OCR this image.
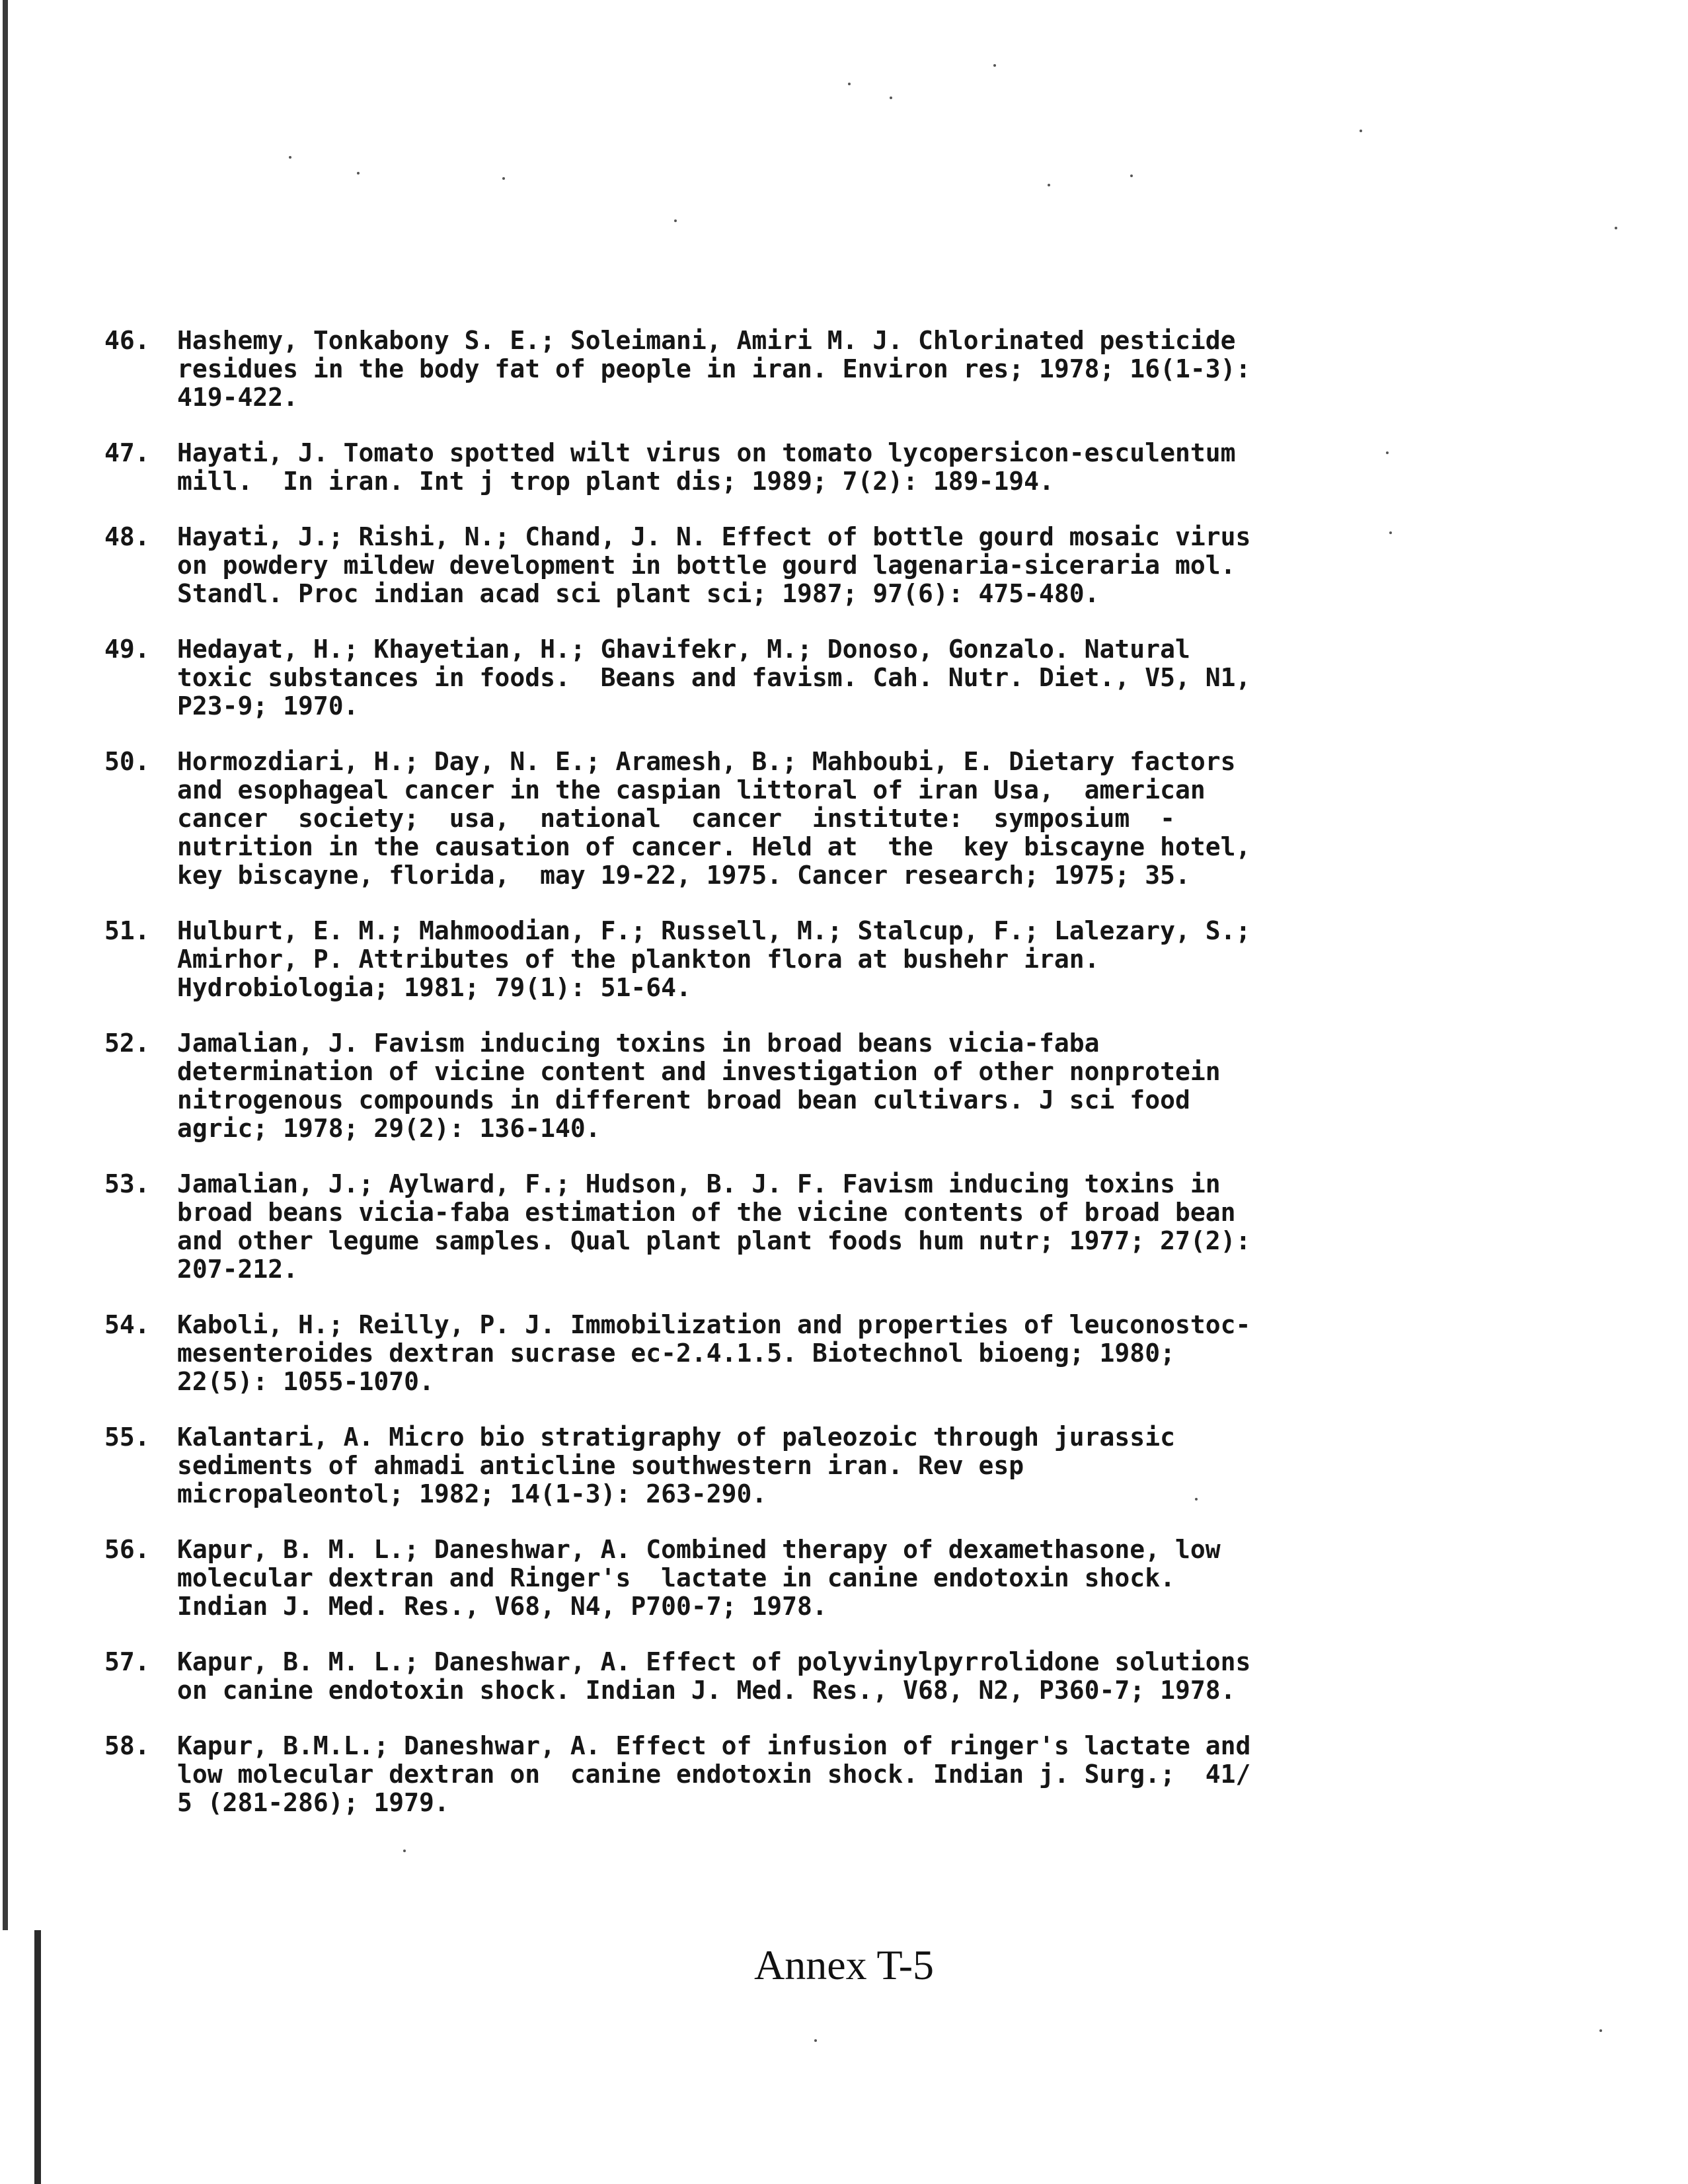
46. Hashemy, Tonkabony S. E.; Soleimani, Amiri M. J. Chlorinated pesticide
residues in the body fat of people in iran. Environ res; 1978; 16(1-3):
419-422.
47. Hayati, J. Tomato spotted wilt virus on tomato lycopersicon-esculentum
mill.  In iran. Int j trop plant dis; 1989; 7(2): 189-194.
48. Hayati, J.; Rishi, N.; Chand, J. N. Effect of bottle gourd mosaic virus
on powdery mildew development in bottle gourd lagenaria-siceraria mol.
Standl. Proc indian acad sci plant sci; 1987; 97(6): 475-480.
49. Hedayat, H.; Khayetian, H.; Ghavifekr, M.; Donoso, Gonzalo. Natural
toxic substances in foods.  Beans and favism. Cah. Nutr. Diet., V5, N1,
P23-9; 1970.
50. Hormozdiari, H.; Day, N. E.; Aramesh, B.; Mahboubi, E. Dietary factors
and esophageal cancer in the caspian littoral of iran Usa,  american
cancer  society;  usa,  national  cancer  institute:  symposium  -
nutrition in the causation of cancer. Held at  the  key biscayne hotel,
key biscayne, florida,  may 19-22, 1975. Cancer research; 1975; 35.
51. Hulburt, E. M.; Mahmoodian, F.; Russell, M.; Stalcup, F.; Lalezary, S.;
Amirhor, P. Attributes of the plankton flora at bushehr iran.
Hydrobiologia; 1981; 79(1): 51-64.
52. Jamalian, J. Favism inducing toxins in broad beans vicia-faba
determination of vicine content and investigation of other nonprotein
nitrogenous compounds in different broad bean cultivars. J sci food
agric; 1978; 29(2): 136-140.
53. Jamalian, J.; Aylward, F.; Hudson, B. J. F. Favism inducing toxins in
broad beans vicia-faba estimation of the vicine contents of broad bean
and other legume samples. Qual plant plant foods hum nutr; 1977; 27(2):
207-212.
54. Kaboli, H.; Reilly, P. J. Immobilization and properties of leuconostoc-
mesenteroides dextran sucrase ec-2.4.1.5. Biotechnol bioeng; 1980;
22(5): 1055-1070.
55. Kalantari, A. Micro bio stratigraphy of paleozoic through jurassic
sediments of ahmadi anticline southwestern iran. Rev esp
micropaleontol; 1982; 14(1-3): 263-290.
56. Kapur, B. M. L.; Daneshwar, A. Combined therapy of dexamethasone, low
molecular dextran and Ringer's  lactate in canine endotoxin shock.
Indian J. Med. Res., V68, N4, P700-7; 1978.
57. Kapur, B. M. L.; Daneshwar, A. Effect of polyvinylpyrrolidone solutions
on canine endotoxin shock. Indian J. Med. Res., V68, N2, P360-7; 1978.
58. Kapur, B.M.L.; Daneshwar, A. Effect of infusion of ringer's lactate and
low molecular dextran on  canine endotoxin shock. Indian j. Surg.;  41/
5 (281-286); 1979.
Annex T-5
